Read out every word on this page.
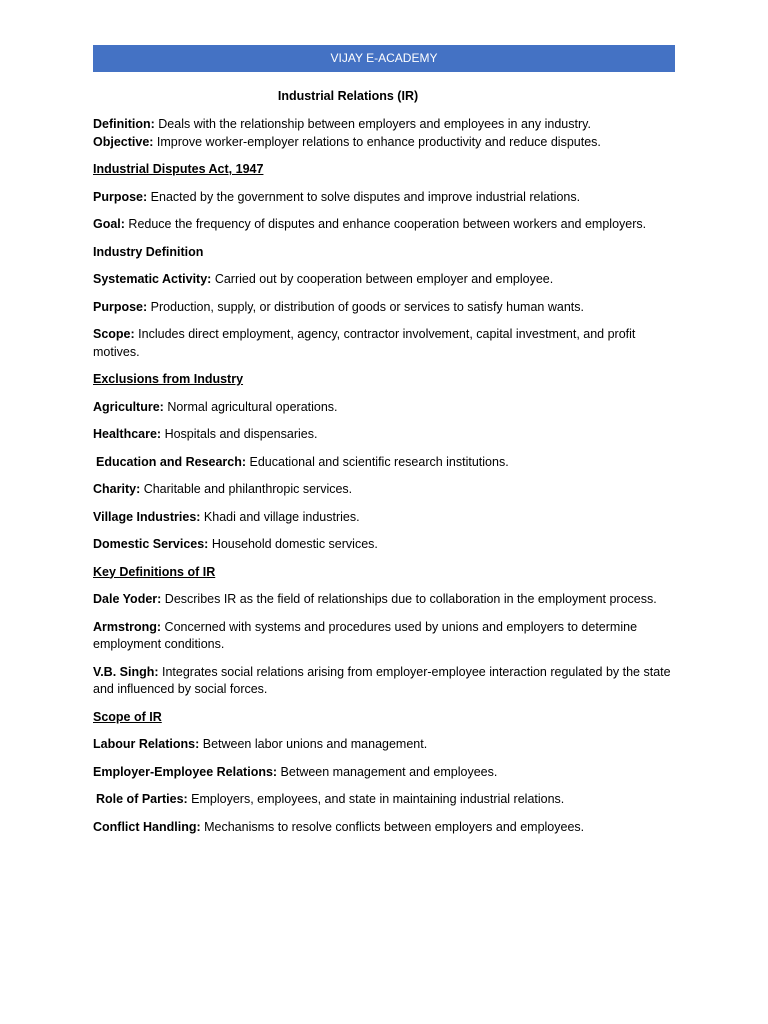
VIJAY E-ACADEMY
Industrial Relations (IR)

Definition: Deals with the relationship between employers and employees in any industry.

Objective: Improve worker-employer relations to enhance productivity and reduce disputes.

Industrial Disputes Act, 1947

Purpose: Enacted by the government to solve disputes and improve industrial relations.

Goal: Reduce the frequency of disputes and enhance cooperation between workers and employers.

Industry Definition

Systematic Activity: Carried out by cooperation between employer and employee.

Purpose: Production, supply, or distribution of goods or services to satisfy human wants.

Scope: Includes direct employment, agency, contractor involvement, capital investment, and profit motives.

Exclusions from Industry

Agriculture: Normal agricultural operations.

Healthcare: Hospitals and dispensaries.

Education and Research: Educational and scientific research institutions.

Charity: Charitable and philanthropic services.

Village Industries: Khadi and village industries.

Domestic Services: Household domestic services.

Key Definitions of IR

Dale Yoder: Describes IR as the field of relationships due to collaboration in the employment process.

Armstrong: Concerned with systems and procedures used by unions and employers to determine employment conditions.

V.B. Singh: Integrates social relations arising from employer-employee interaction regulated by the state and influenced by social forces.

Scope of IR

Labour Relations: Between labor unions and management.

Employer-Employee Relations: Between management and employees.

Role of Parties: Employers, employees, and state in maintaining industrial relations.

Conflict Handling: Mechanisms to resolve conflicts between employers and employees.
